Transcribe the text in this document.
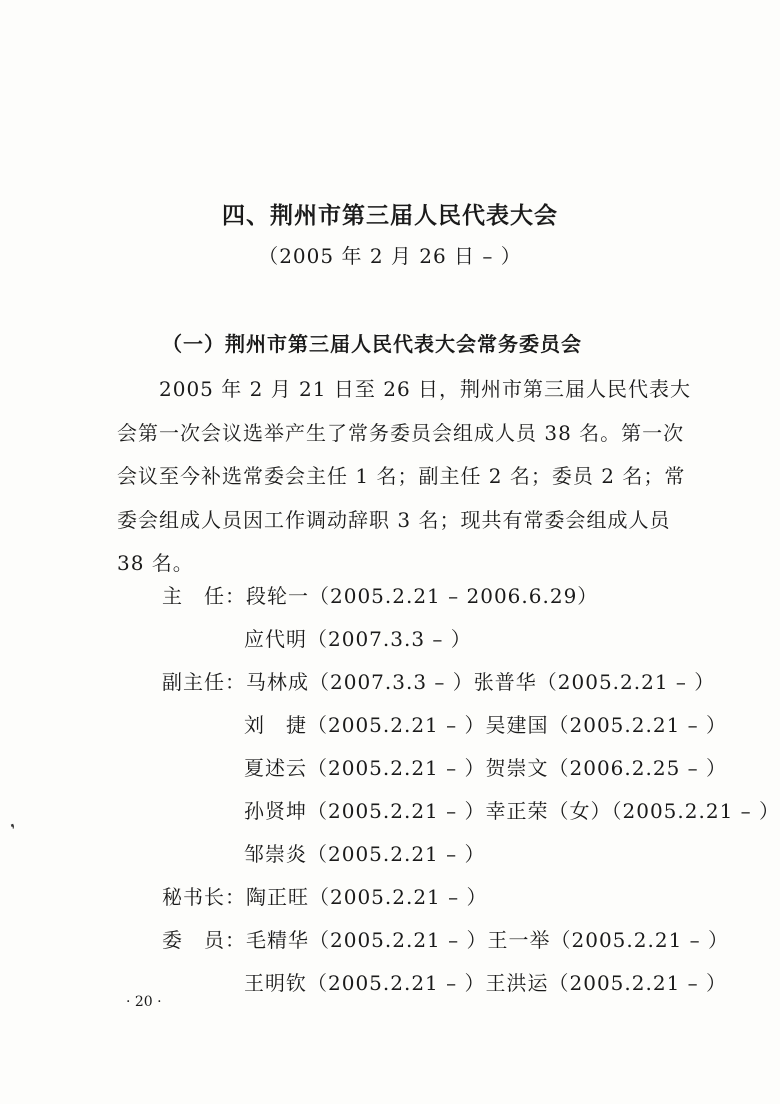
四、荆州市第三届人民代表大会
（2005 年 2 月 26 日 – ）
（一）荆州市第三届人民代表大会常务委员会
2005 年 2 月 21 日至 26 日，荆州市第三届人民代表大会第一次会议选举产生了常务委员会组成人员 38 名。第一次会议至今补选常委会主任 1 名；副主任 2 名；委员 2 名；常委会组成人员因工作调动辞职 3 名；现共有常委会组成人员 38 名。
主　任：段轮一（2005.2.21 – 2006.6.29）
应代明（2007.3.3 – ）
副主任：马林成（2007.3.3 – ）张普华（2005.2.21 – ）
刘　捷（2005.2.21 – ）吴建国（2005.2.21 – ）
夏述云（2005.2.21 – ）贺崇文（2006.2.25 – ）
孙贤坤（2005.2.21 – ）幸正荣（女）（2005.2.21 – ）
邹崇炎（2005.2.21 – ）
秘书长：陶正旺（2005.2.21 – ）
委　员：毛精华（2005.2.21 – ）王一举（2005.2.21 – ）
王明钦（2005.2.21 – ）王洪运（2005.2.21 – ）
· 20 ·
❜
